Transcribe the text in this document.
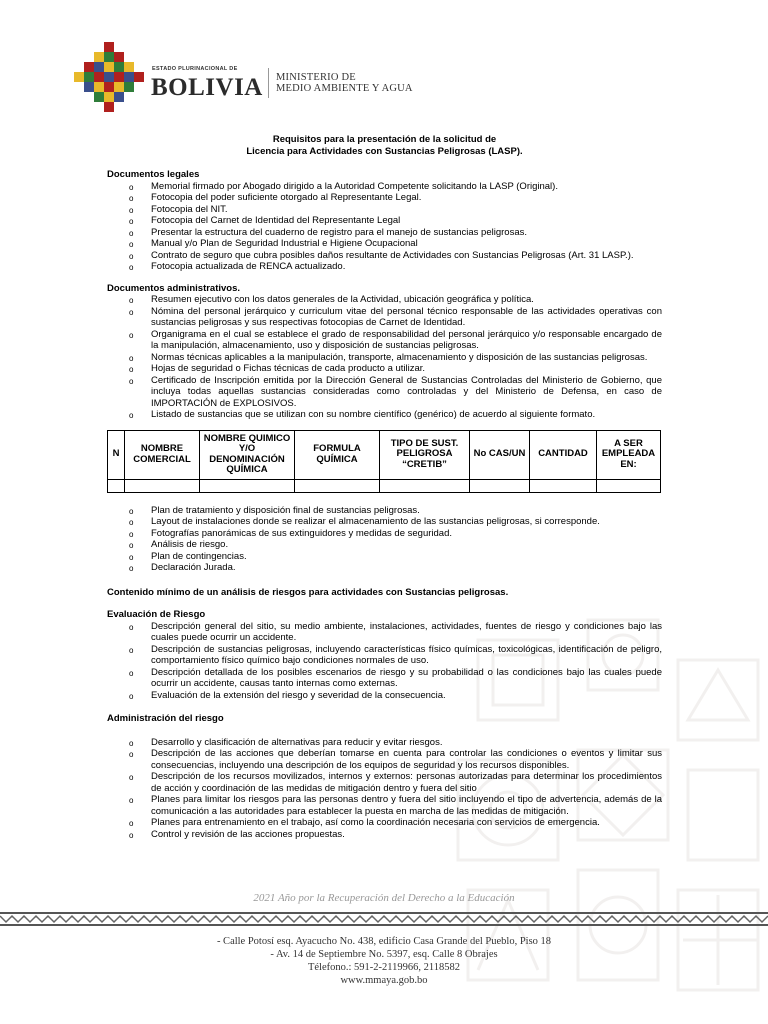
ESTADO PLURINACIONAL DE
BOLIVIA MINISTERIO DE
MEDIO AMBIENTE Y AGUA
Requisitos para la presentación de la solicitud de
Licencia para Actividades con Sustancias Peligrosas (LASP).
Documentos legales
o Memorial firmado por Abogado dirigido a la Autoridad Competente solicitando la LASP (Original).
o Fotocopia del poder suficiente otorgado al Representante Legal.
o Fotocopia del NIT.
o Fotocopia del Carnet de Identidad del Representante Legal
o Presentar la estructura del cuaderno de registro para el manejo de sustancias peligrosas.
o Manual y/o Plan de Seguridad Industrial e Higiene Ocupacional
o Contrato de seguro que cubra posibles daños resultante de Actividades con Sustancias Peligrosas (Art. 31 LASP.).
o Fotocopia actualizada de RENCA actualizado.
Documentos administrativos.
o Resumen ejecutivo con los datos generales de la Actividad, ubicación geográfica y política.
o Nómina del personal jerárquico y curriculum vitae del personal técnico responsable de las actividades operativas con sustancias peligrosas y sus respectivas fotocopias de Carnet de Identidad.
o Organigrama en el cual se establece el grado de responsabilidad del personal jerárquico y/o responsable encargado de la manipulación, almacenamiento, uso y disposición de sustancias peligrosas.
o Normas técnicas aplicables a la manipulación, transporte, almacenamiento y disposición de las sustancias peligrosas.
o Hojas de seguridad o Fichas técnicas de cada producto a utilizar.
o Certificado de Inscripción emitida por la Dirección General de Sustancias Controladas del Ministerio de Gobierno, que incluya todas aquellas sustancias consideradas como controladas y del Ministerio de Defensa, en caso de IMPORTACIÓN de EXPLOSIVOS.
o Listado de sustancias que se utilizan con su nombre científico (genérico) de acuerdo al siguiente formato.
N	NOMBRE COMERCIAL	NOMBRE QUIMICO Y/O DENOMINACIÓN QUÍMICA	FORMULA QUÍMICA	TIPO DE SUST. PELIGROSA “CRETIB”	No CAS/UN	CANTIDAD	A SER EMPLEADA EN:

o Plan de tratamiento y disposición final de sustancias peligrosas.
o Layout de instalaciones donde se realizar el almacenamiento de las sustancias peligrosas, si corresponde.
o Fotografías panorámicas de sus extinguidores y medidas de seguridad.
o Análisis de riesgo.
o Plan de contingencias.
o Declaración Jurada.
Contenido mínimo de un análisis de riesgos para actividades con Sustancias peligrosas.
Evaluación de Riesgo
o Descripción general del sitio, su medio ambiente, instalaciones, actividades, fuentes de riesgo y condiciones bajo las cuales puede ocurrir un accidente.
o Descripción de sustancias peligrosas, incluyendo características físico químicas, toxicológicas, identificación de peligro, comportamiento físico químico bajo condiciones normales de uso.
o Descripción detallada de los posibles escenarios de riesgo y su probabilidad o las condiciones bajo las cuales puede ocurrir un accidente, causas tanto internas como externas.
o Evaluación de la extensión del riesgo y severidad de la consecuencia.
Administración del riesgo
o Desarrollo y clasificación de alternativas para reducir y evitar riesgos.
o Descripción de las acciones que deberían tomarse en cuenta para controlar las condiciones o eventos y limitar sus consecuencias, incluyendo una descripción de los equipos de seguridad y los recursos disponibles.
o Descripción de los recursos movilizados, internos y externos: personas autorizadas para determinar los procedimientos de acción y coordinación de las medidas de mitigación dentro y fuera del sitio
o Planes para limitar los riesgos para las personas dentro y fuera del sitio incluyendo el tipo de advertencia, además de la comunicación a las autoridades para establecer la puesta en marcha de las medidas de mitigación.
o Planes para entrenamiento en el trabajo, así como la coordinación necesaria con servicios de emergencia.
o Control y revisión de las acciones propuestas.
2021 Año por la Recuperación del Derecho a la Educación
- Calle Potosí esq. Ayacucho No. 438, edificio Casa Grande del Pueblo, Piso 18
- Av. 14 de Septiembre No. 5397, esq. Calle 8 Obrajes
Télefono.: 591-2-2119966, 2118582
www.mmaya.gob.bo
